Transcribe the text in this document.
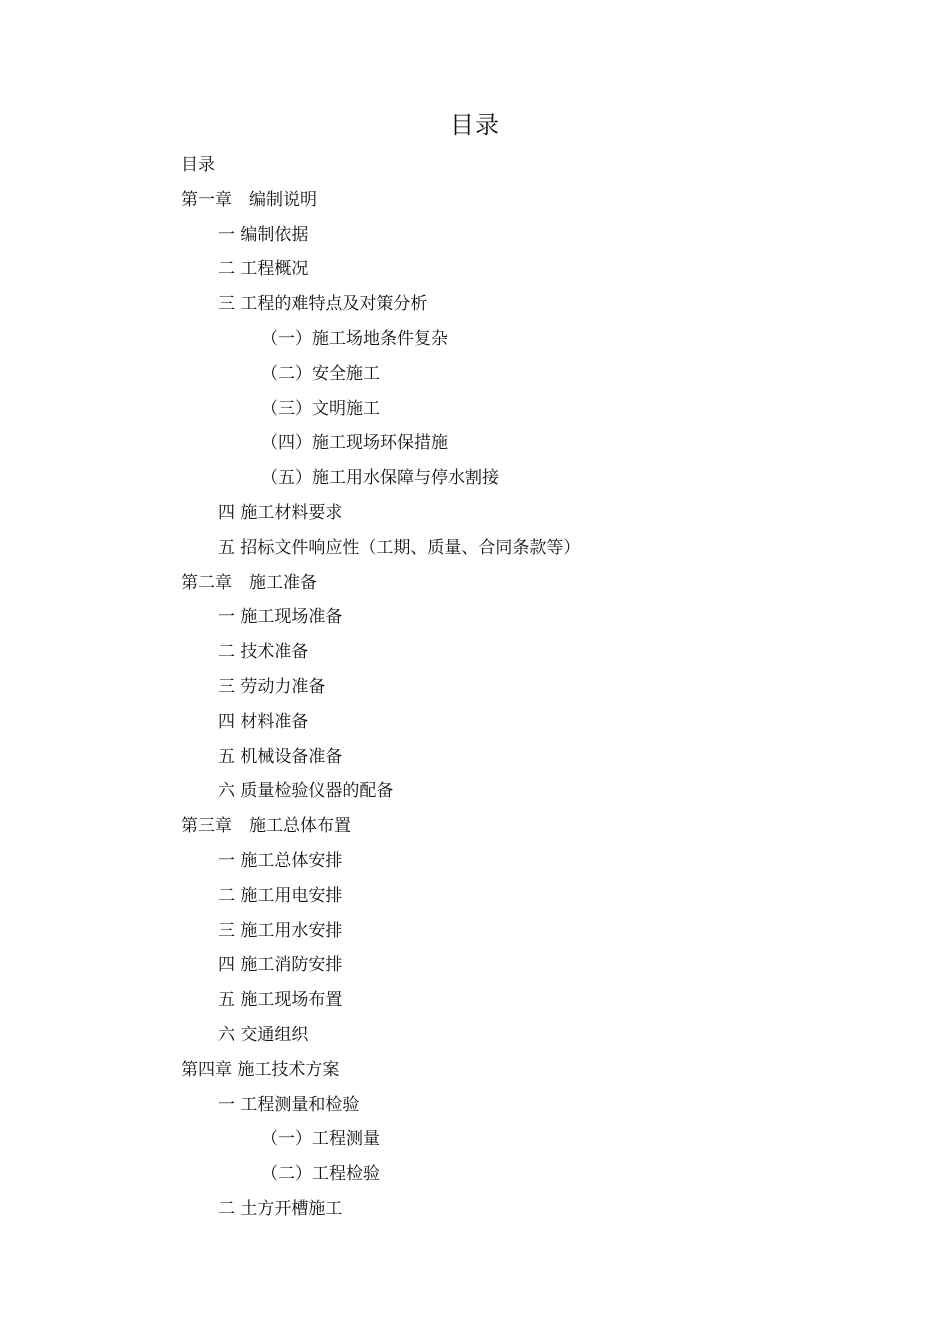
目录
目录
第一章　编制说明
一 编制依据
二 工程概况
三 工程的难特点及对策分析
（一）施工场地条件复杂
（二）安全施工
（三）文明施工
（四）施工现场环保措施
（五）施工用水保障与停水割接
四 施工材料要求
五 招标文件响应性（工期、质量、合同条款等）
第二章　施工准备
一 施工现场准备
二 技术准备
三 劳动力准备
四 材料准备
五 机械设备准备
六 质量检验仪器的配备
第三章　施工总体布置
一 施工总体安排
二 施工用电安排
三 施工用水安排
四 施工消防安排
五 施工现场布置
六 交通组织
第四章 施工技术方案
一 工程测量和检验
（一）工程测量
（二）工程检验
二 土方开槽施工
